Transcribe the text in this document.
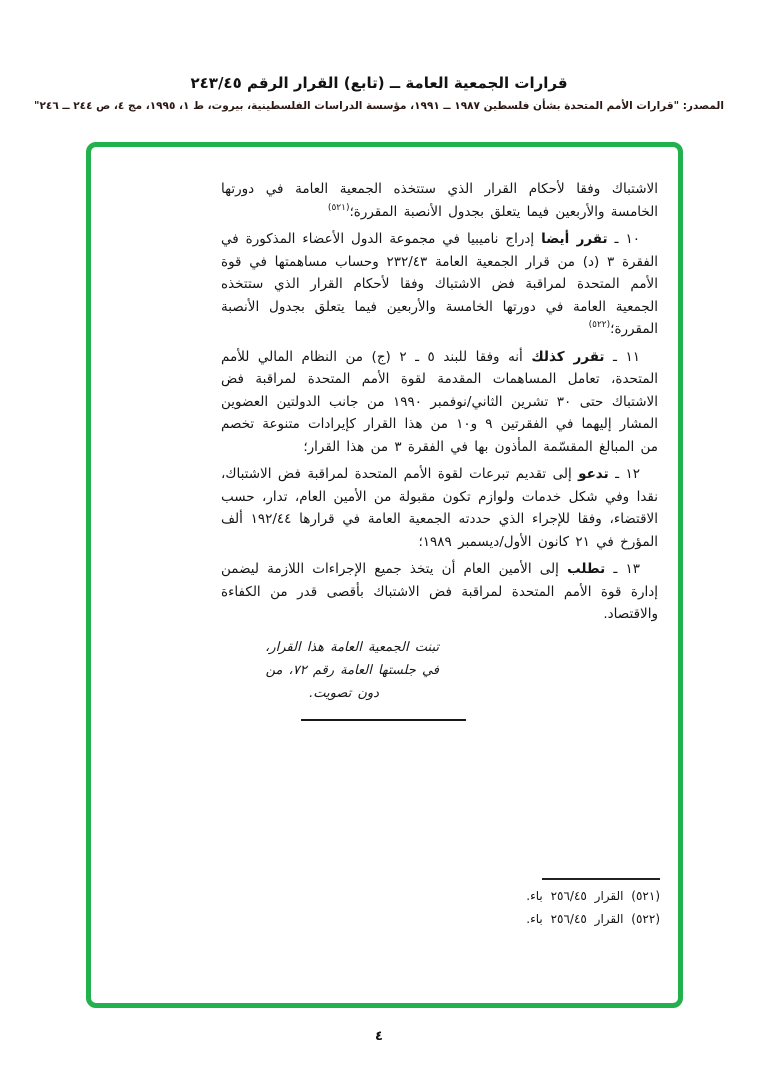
قرارات الجمعية العامة ــ (تابع) القرار الرقم ٢٤٣/٤٥
المصدر: "قرارات الأمم المتحدة بشأن فلسطين ١٩٨٧ ــ ١٩٩١، مؤسسة الدراسات الفلسطينية، بيروت، ط ١، ١٩٩٥، مج ٤، ص ٢٤٤ ــ ٢٤٦"

الاشتباك وفقا لأحكام القرار الذي ستتخذه الجمعية العامة في دورتها الخامسة والأربعين فيما يتعلق بجدول الأنصبة المقررة؛$^{(٥٢١)}$

١٠ ـ تقرر أيضا إدراج ناميبيا في مجموعة الدول الأعضاء المذكورة في الفقرة ٣ (د) من قرار الجمعية العامة ٢٣٢/٤٣ وحساب مساهمتها في قوة الأمم المتحدة لمراقبة فض الاشتباك وفقا لأحكام القرار الذي ستتخذه الجمعية العامة في دورتها الخامسة والأربعين فيما يتعلق بجدول الأنصبة المقررة؛$^{(٥٢٢)}$

١١ ـ تقرر كذلك أنه وفقا للبند ٥ ـ ٢ (ج) من النظام المالي للأمم المتحدة، تعامل المساهمات المقدمة لقوة الأمم المتحدة لمراقبة فض الاشتباك حتى ٣٠ تشرين الثاني/نوفمبر ١٩٩٠ من جانب الدولتين العضوين المشار إليهما في الفقرتين ٩ و١٠ من هذا القرار كإيرادات متنوعة تخصم من المبالغ المقسّمة المأذون بها في الفقرة ٣ من هذا القرار؛

١٢ ـ تدعو إلى تقديم تبرعات لقوة الأمم المتحدة لمراقبة فض الاشتباك، نقدا وفي شكل خدمات ولوازم تكون مقبولة من الأمين العام، تدار، حسب الاقتضاء، وفقا للإجراء الذي حددته الجمعية العامة في قرارها ١٩٢/٤٤ ألف المؤرخ في ٢١ كانون الأول/ديسمبر ١٩٨٩؛

١٣ ـ تطلب إلى الأمين العام أن يتخذ جميع الإجراءات اللازمة ليضمن إدارة قوة الأمم المتحدة لمراقبة فض الاشتباك بأقصى قدر من الكفاءة والاقتصاد.

تبنت الجمعية العامة هذا القرار،
في جلستها العامة رقم ٧٢، من
دون تصويت.
(٥٢١) القرار ٢٥٦/٤٥ باء.
(٥٢٢) القرار ٢٥٦/٤٥ باء.
٤
